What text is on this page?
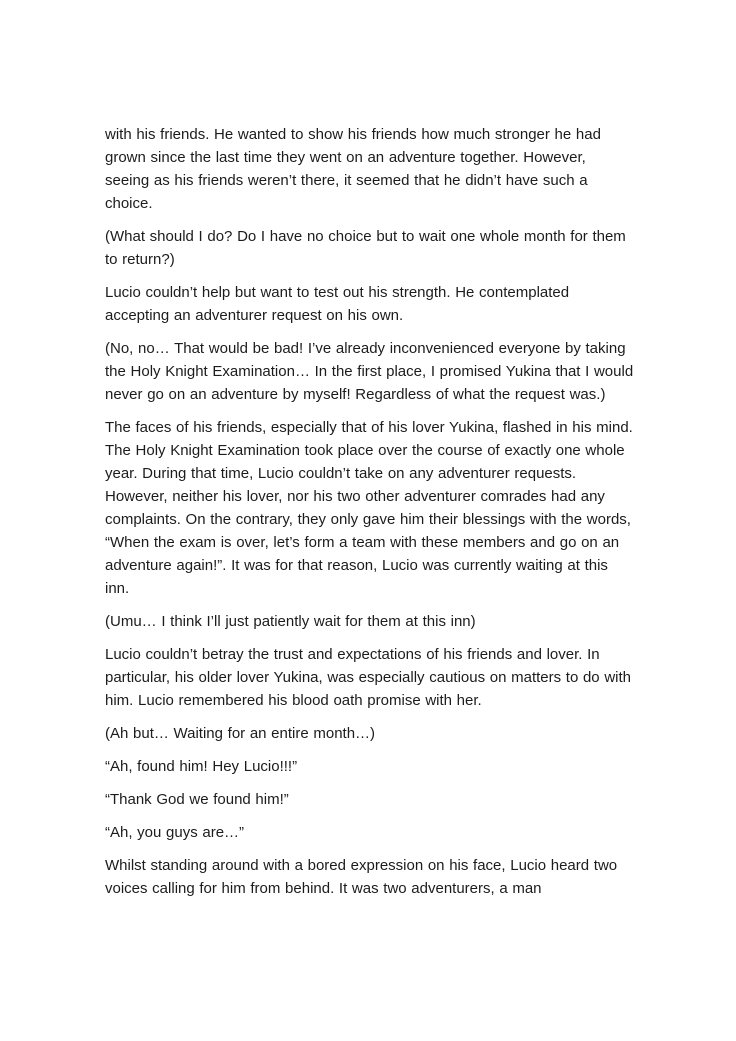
with his friends. He wanted to show his friends how much stronger he had grown since the last time they went on an adventure together. However, seeing as his friends weren’t there, it seemed that he didn’t have such a choice.

(What should I do? Do I have no choice but to wait one whole month for them to return?)

Lucio couldn’t help but want to test out his strength. He contemplated accepting an adventurer request on his own.

(No, no… That would be bad! I’ve already inconvenienced everyone by taking the Holy Knight Examination… In the first place, I promised Yukina that I would never go on an adventure by myself! Regardless of what the request was.)

The faces of his friends, especially that of his lover Yukina, flashed in his mind. The Holy Knight Examination took place over the course of exactly one whole year. During that time, Lucio couldn’t take on any adventurer requests. However, neither his lover, nor his two other adventurer comrades had any complaints. On the contrary, they only gave him their blessings with the words, “When the exam is over, let’s form a team with these members and go on an adventure again!”. It was for that reason, Lucio was currently waiting at this inn.

(Umu… I think I’ll just patiently wait for them at this inn)

Lucio couldn’t betray the trust and expectations of his friends and lover. In particular, his older lover Yukina, was especially cautious on matters to do with him. Lucio remembered his blood oath promise with her.

(Ah but… Waiting for an entire month…)

“Ah, found him! Hey Lucio!!!”

“Thank God we found him!”

“Ah, you guys are…”

Whilst standing around with a bored expression on his face, Lucio heard two voices calling for him from behind. It was two adventurers, a man
